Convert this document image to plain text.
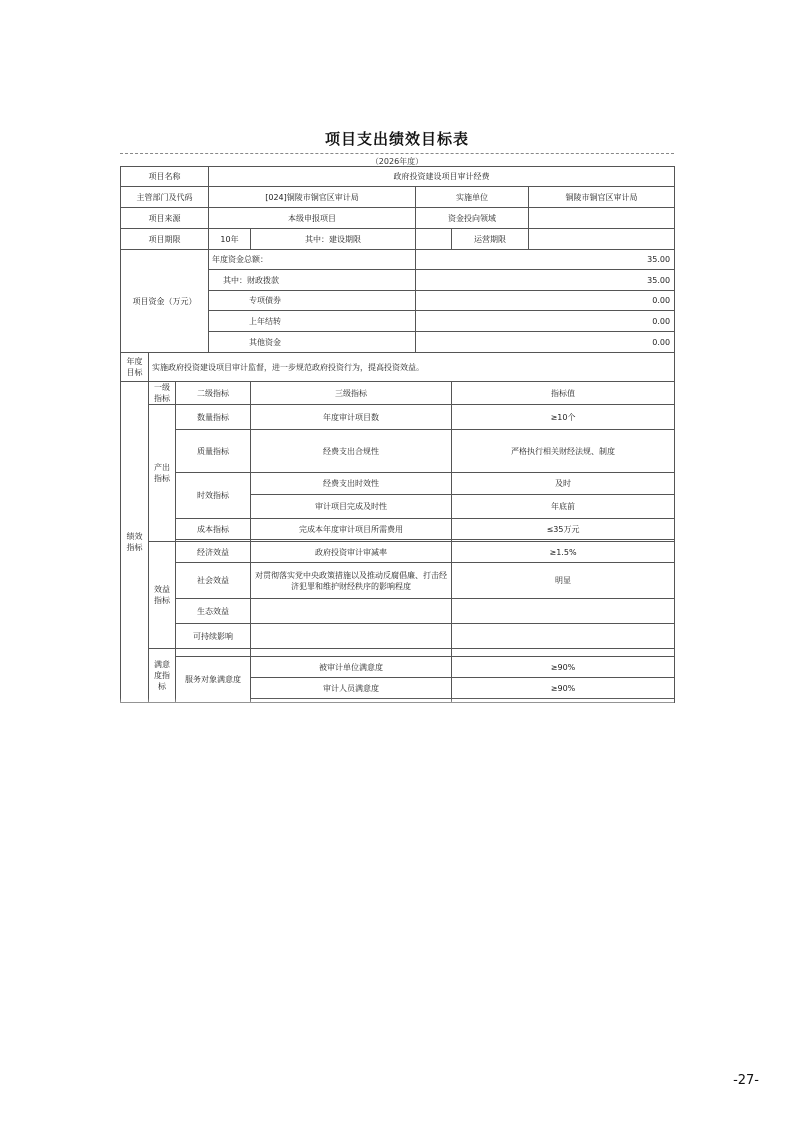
项目支出绩效目标表
（2026年度）
项目名称			政府投资建设项目审计经费				
主管部门及代码			[024]铜陵市铜官区审计局		实施单位		铜陵市铜官区审计局
项目来源			本级申报项目		资金投向领域		
项目期限			10年	其中：建设期限		运营期限	
项目资金（万元）			年度资金总额：		35.00		
			其中：财政拨款		35.00		
			专项债券		0.00		
			上年结转		0.00		
			其他资金		0.00		
年度目标	实施政府投资建设项目审计监督，进一步规范政府投资行为，提高投资效益。						
绩效指标	一级指标	二级指标		三级指标		指标值	
	产出指标	数量指标		年度审计项目数		≥10个	
		质量指标		经费支出合规性		严格执行相关财经法规、制度	
		时效指标		经费支出时效性		及时	
				审计项目完成及时性		年底前	
		成本指标		完成本年度审计项目所需费用		≤35万元	

	效益指标	经济效益		政府投资审计审减率		≥1.5%	
		社会效益		对贯彻落实党中央政策措施以及推动反腐倡廉、打击经济犯罪和维护财经秩序的影响程度		明显	
		生态效益					
		可持续影响					
	满意度指标						
		服务对象满意度		被审计单位满意度		≥90%	
				审计人员满意度		≥90%	

-27-
